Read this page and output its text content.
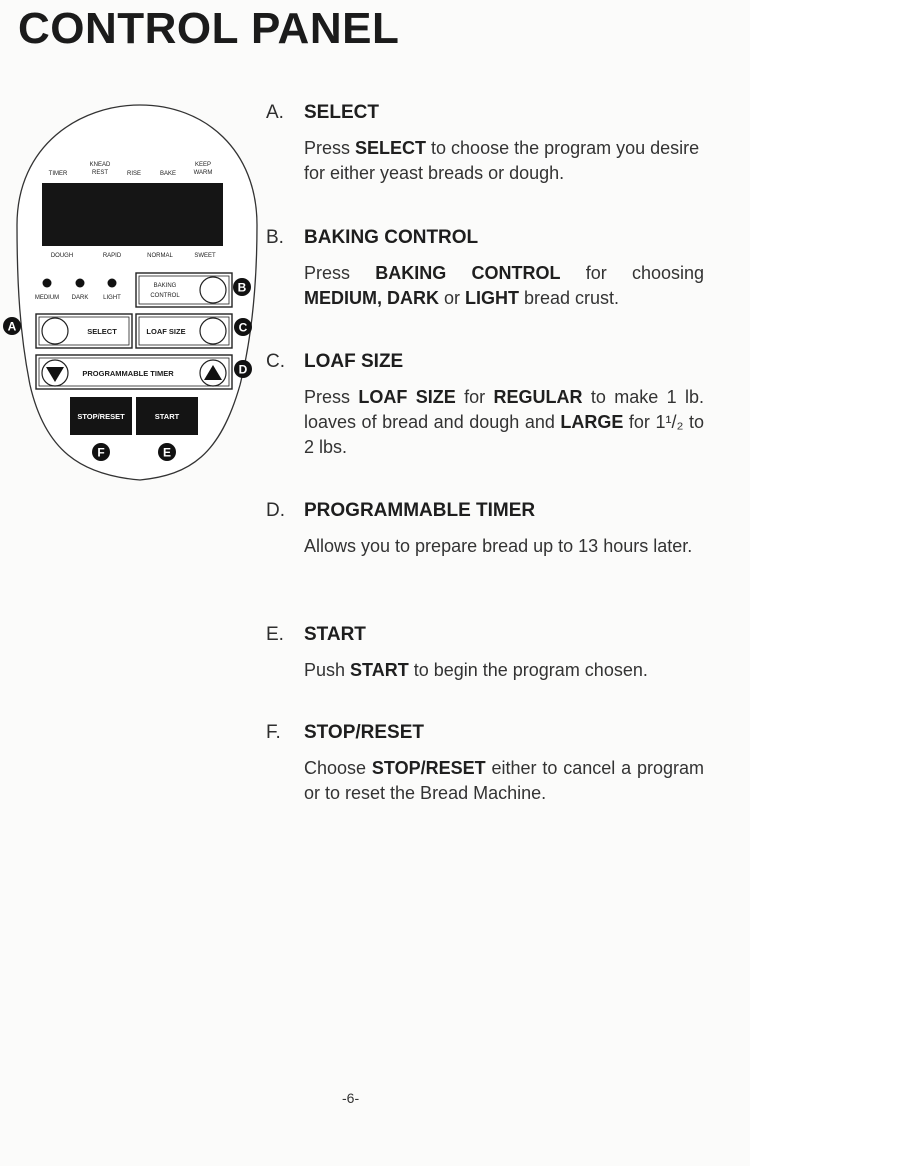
CONTROL PANEL
TIMER
KNEAD
REST	RISE	BAKE
KEEP
WARM
DOUGH	RAPID	NORMAL	SWEET
MEDIUM DARK LIGHT
BAKING
CONTROL
SELECT	LOAF SIZE
PROGRAMMABLE TIMER
STOP/RESET	START
A
B
C
D
F	E
A. SELECT
Press SELECT to choose the program you desire for either yeast breads or dough.
B. BAKING CONTROL
Press BAKING CONTROL for choosing MEDIUM, DARK or LIGHT bread crust.
C. LOAF SIZE
Press LOAF SIZE for REGULAR to make 1 lb. loaves of bread and dough and LARGE for 1¹/₂ to 2 lbs.
D. PROGRAMMABLE TIMER
Allows you to prepare bread up to 13 hours later.
E. START
Push START to begin the program chosen.
F. STOP/RESET
Choose STOP/RESET either to cancel a program or to reset the Bread Machine.
-6-
